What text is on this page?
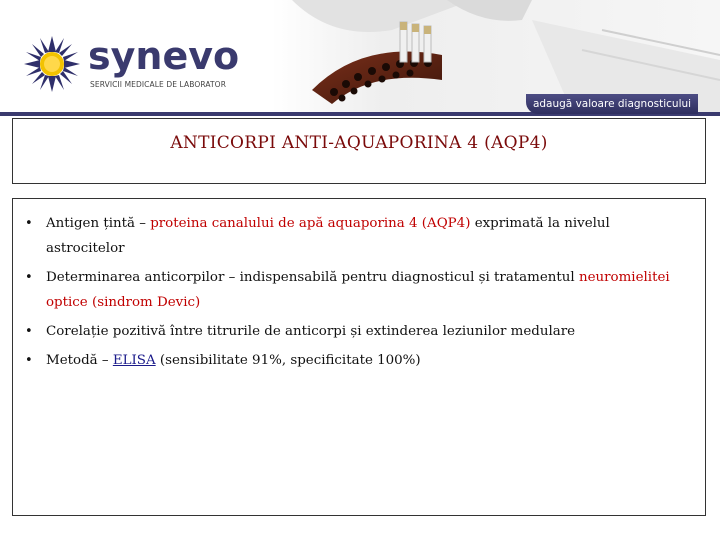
synevo
SERVICII MEDICALE DE LABORATOR
adaugă valoare diagnosticului
ANTICORPI ANTI-AQUAPORINA 4 (AQP4)
• Antigen țintă – proteina canalului de apă aquaporina 4 (AQP4) exprimată la nivelul astrocitelor
• Determinarea anticorpilor – indispensabilă pentru diagnosticul și tratamentul neuromielitei optice (sindrom Devic)
• Corelație pozitivă între titrurile de anticorpi și extinderea leziunilor medulare
• Metodă – ELISA (sensibilitate 91%, specificitate 100%)
